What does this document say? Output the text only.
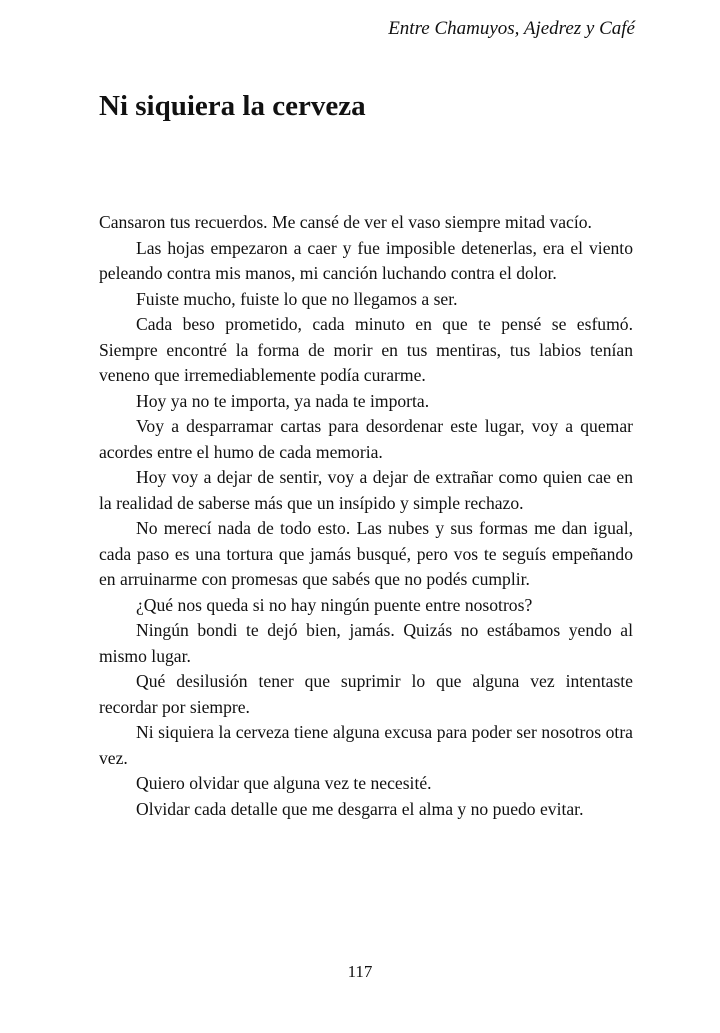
Entre Chamuyos, Ajedrez y Café
Ni siquiera la cerveza

Cansaron tus recuerdos. Me cansé de ver el vaso siempre mitad vacío.

Las hojas empezaron a caer y fue imposible detenerlas, era el viento peleando contra mis manos, mi canción luchando contra el dolor.

Fuiste mucho, fuiste lo que no llegamos a ser.

Cada beso prometido, cada minuto en que te pensé se esfumó. Siempre encontré la forma de morir en tus mentiras, tus labios tenían veneno que irremediablemente podía curarme.

Hoy ya no te importa, ya nada te importa.

Voy a desparramar cartas para desordenar este lugar, voy a quemar acordes entre el humo de cada memoria.

Hoy voy a dejar de sentir, voy a dejar de extrañar como quien cae en la realidad de saberse más que un insípido y simple rechazo.

No merecí nada de todo esto. Las nubes y sus formas me dan igual, cada paso es una tortura que jamás busqué, pero vos te seguís empeñando en arruinarme con promesas que sabés que no podés cumplir.

¿Qué nos queda si no hay ningún puente entre nosotros?

Ningún bondi te dejó bien, jamás. Quizás no estábamos yendo al mismo lugar.

Qué desilusión tener que suprimir lo que alguna vez intentaste recordar por siempre.

Ni siquiera la cerveza tiene alguna excusa para poder ser nosotros otra vez.

Quiero olvidar que alguna vez te necesité.

Olvidar cada detalle que me desgarra el alma y no puedo evitar.

117
